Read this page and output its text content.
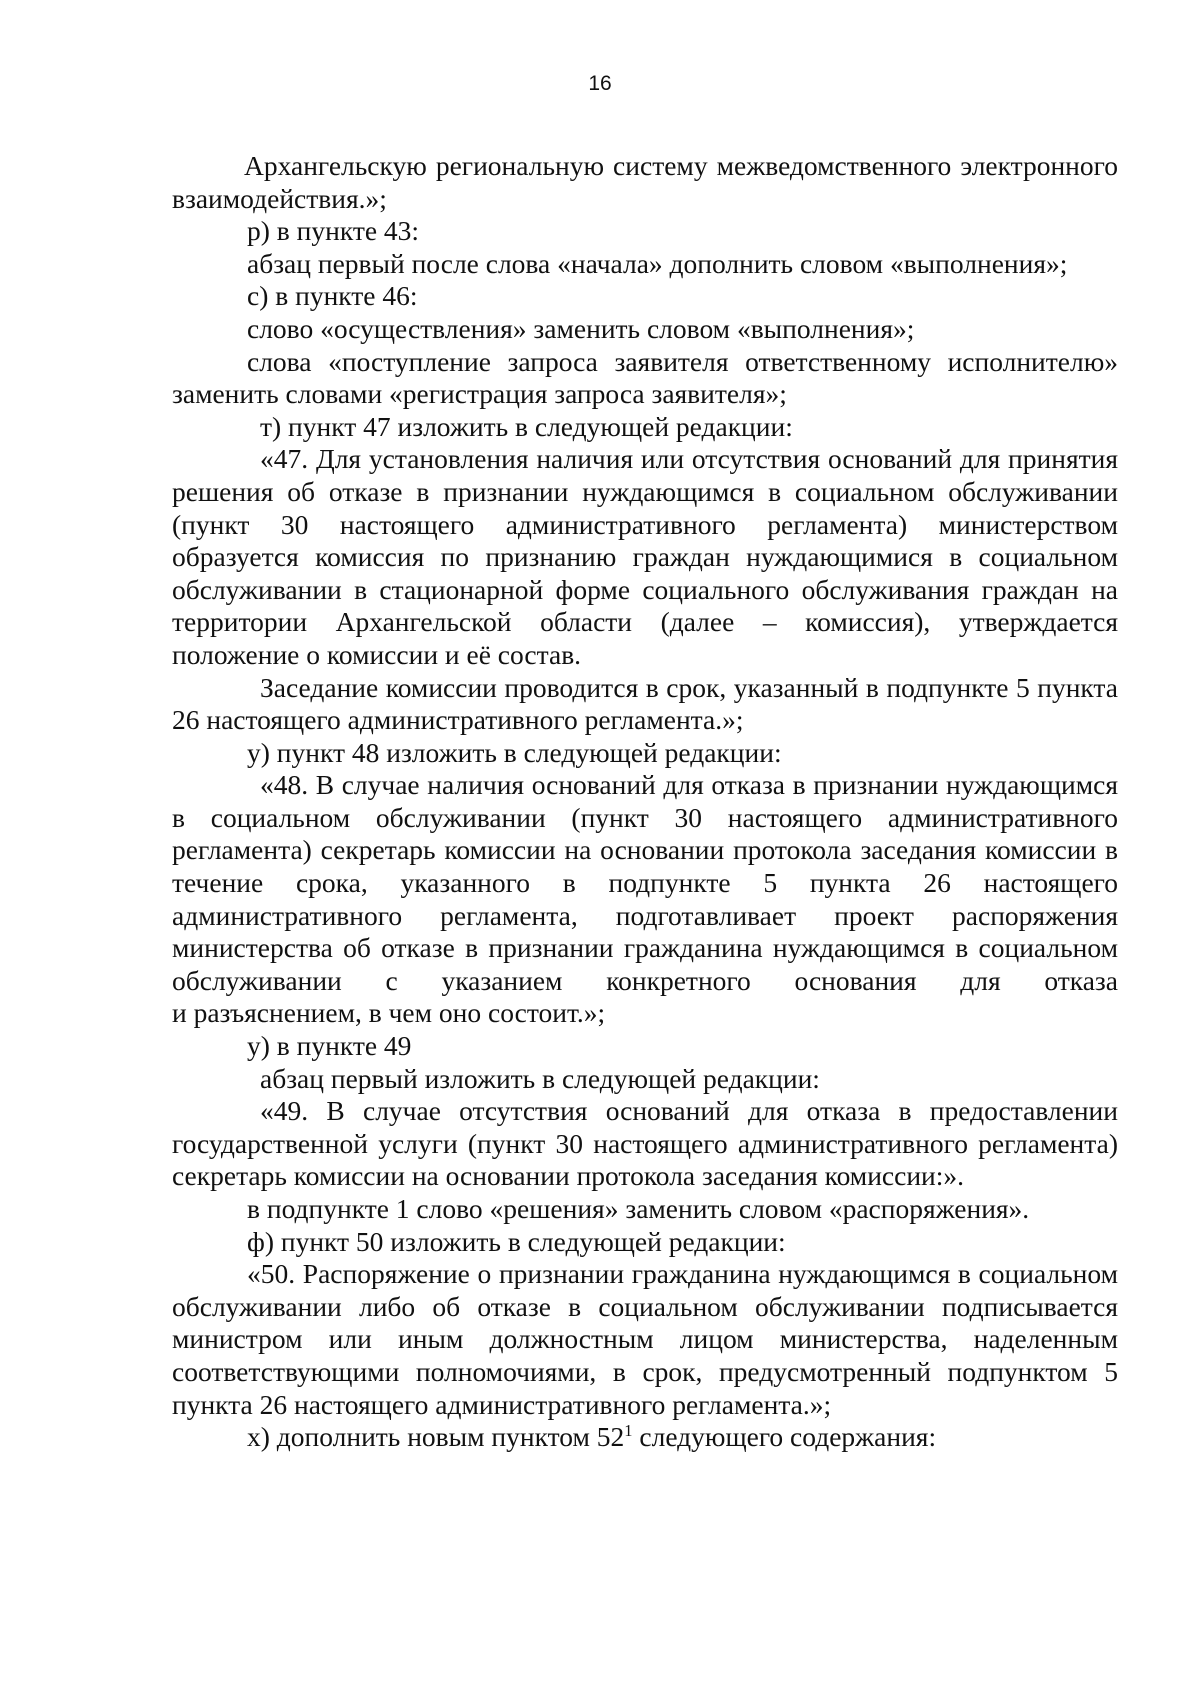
16

Архангельскую региональную систему межведомственного электронного взаимодействия.»;

р) в пункте 43:

абзац первый после слова «начала» дополнить словом «выполнения»;

с) в пункте 46:

слово «осуществления» заменить словом «выполнения»;

слова «поступление запроса заявителя ответственному исполнителю» заменить словами «регистрация запроса заявителя»;

т) пункт 47 изложить в следующей редакции:

«47. Для установления наличия или отсутствия оснований для принятия решения об отказе в признании нуждающимся в социальном обслуживании (пункт 30 настоящего административного регламента) министерством образуется комиссия по признанию граждан нуждающимися в социальном обслуживании в стационарной форме социального обслуживания граждан на территории Архангельской области (далее – комиссия), утверждается положение о комиссии и её состав.

Заседание комиссии проводится в срок, указанный в подпункте 5 пункта 26 настоящего административного регламента.»;

у) пункт 48 изложить в следующей редакции:

«48. В случае наличия оснований для отказа в признании нуждающимся в социальном обслуживании (пункт 30 настоящего административного регламента) секретарь комиссии на основании протокола заседания комиссии в течение срока, указанного в подпункте 5 пункта 26 настоящего административного регламента, подготавливает проект распоряжения министерства об отказе в признании гражданина нуждающимся в социальном обслуживании с указанием конкретного основания для отказа

и разъяснением, в чем оно состоит.»;

у) в пункте 49

абзац первый изложить в следующей редакции:

«49. В случае отсутствия оснований для отказа в предоставлении государственной услуги (пункт 30 настоящего административного регламента) секретарь комиссии на основании протокола заседания комиссии:».

в подпункте 1 слово «решения» заменить словом «распоряжения».

ф) пункт 50 изложить в следующей редакции:

«50. Распоряжение о признании гражданина нуждающимся в социальном обслуживании либо об отказе в социальном обслуживании подписывается министром или иным должностным лицом министерства, наделенным соответствующими полномочиями, в срок, предусмотренный подпунктом 5 пункта 26 настоящего административного регламента.»;

х) дополнить новым пунктом $52^1$ следующего содержания:
